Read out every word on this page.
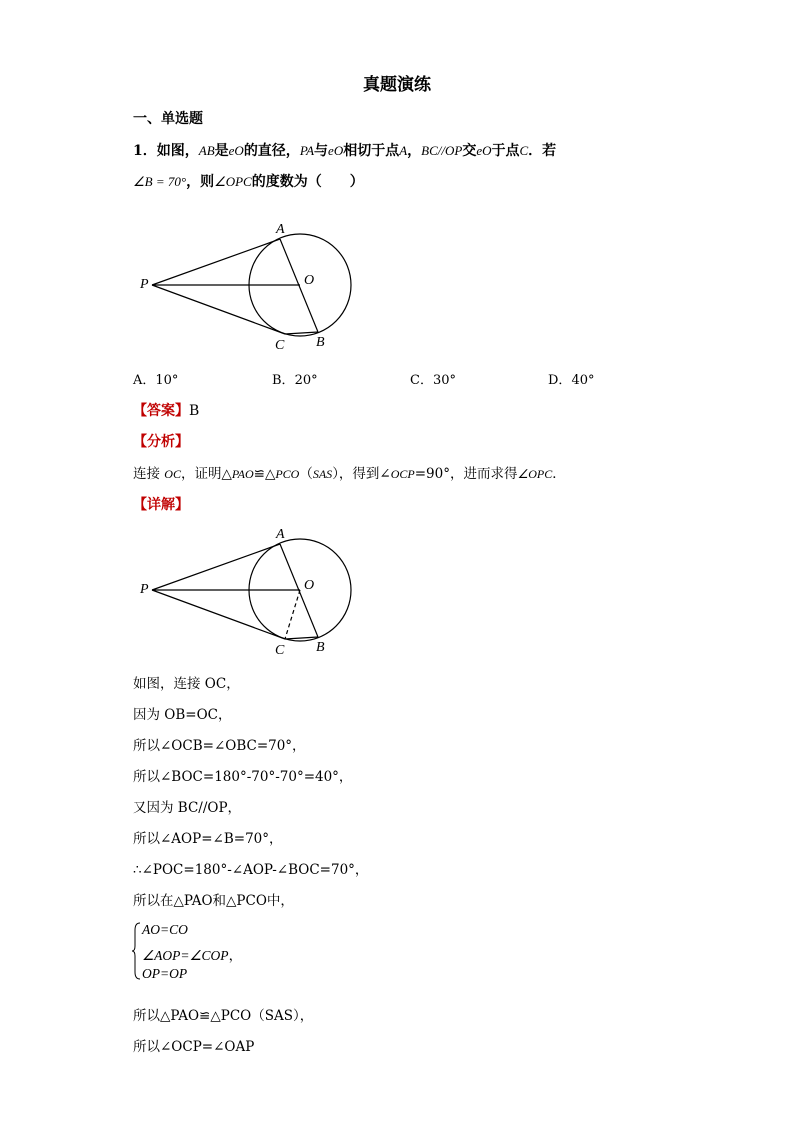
真题演练
一、单选题
1．如图，AB是eO的直径，PA与eO相切于点A，BC//OP交eO于点C．若
∠B = 70°，则∠OPC的度数为（　　）
A
O
P
C B
A．10°	B．20°	C．30°	D．40°
【答案】B
【分析】
连接 OC，证明△PAO≌△PCO（SAS），得到∠OCP=90°，进而求得∠OPC．
【详解】
A
O
P
C B
如图，连接 OC，
因为 OB=OC，
所以∠OCB=∠OBC=70°，
所以∠BOC=180°-70°-70°=40°，
又因为 BC//OP，
所以∠AOP=∠B=70°，
∴∠POC=180°-∠AOP-∠BOC=70°，
所以在△PAO和△PCO中，
AO=CO
∠AOP=∠COP，
OP=OP
所以△PAO≌△PCO（SAS），
所以∠OCP=∠OAP
